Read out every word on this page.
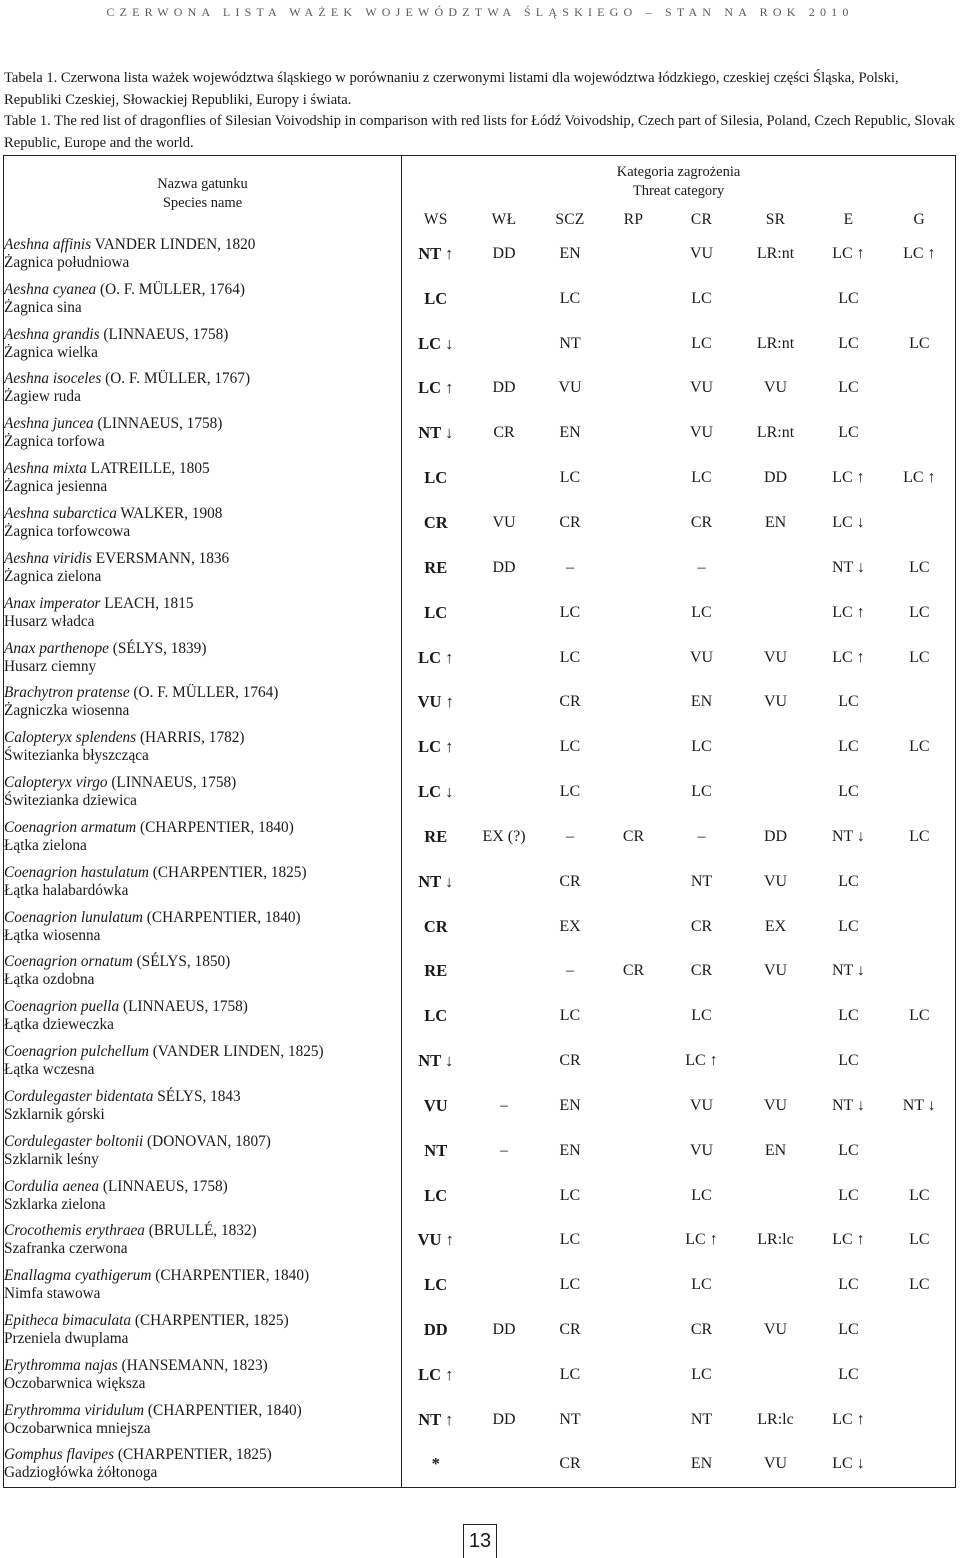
CZERWONA LISTA WAŻEK WOJEWÓDZTWA ŚLĄSKIEGO – STAN NA ROK 2010

Tabela 1. Czerwona lista ważek województwa śląskiego w porównaniu z czerwonymi listami dla województwa łódzkiego, czeskiej części Śląska, Polski, Republiki Czeskiej, Słowackiej Republiki, Europy i świata.

Table 1. The red list of dragonflies of Silesian Voivodship in comparison with red lists for Łódź Voivodship, Czech part of Silesia, Poland, Czech Republic, Slovak Republic, Europe and the world.

Nazwa gatunku
Species name	Kategoria zagrożenia
Threat category							

	WS	WŁ	SCZ	RP	CR	SR	E	G

Aeshna affinis VANDER LINDEN, 1820
Żagnica południowa	NT ↑	DD	EN		VU	LR:nt	LC ↑	LC ↑

Aeshna cyanea (O. F. MÜLLER, 1764)
Żagnica sina	LC		LC		LC		LC	

Aeshna grandis (LINNAEUS, 1758)
Żagnica wielka	LC ↓		NT		LC	LR:nt	LC	LC

Aeshna isoceles (O. F. MÜLLER, 1767)
Żagiew ruda	LC ↑	DD	VU		VU	VU	LC	

Aeshna juncea (LINNAEUS, 1758)
Żagnica torfowa	NT ↓	CR	EN		VU	LR:nt	LC	

Aeshna mixta LATREILLE, 1805
Żagnica jesienna	LC		LC		LC	DD	LC ↑	LC ↑

Aeshna subarctica WALKER, 1908
Żagnica torfowcowa	CR	VU	CR		CR	EN	LC ↓	

Aeshna viridis EVERSMANN, 1836
Żagnica zielona	RE	DD	–		–		NT ↓	LC

Anax imperator LEACH, 1815
Husarz władca	LC		LC		LC		LC ↑	LC

Anax parthenope (SÉLYS, 1839)
Husarz ciemny	LC ↑		LC		VU	VU	LC ↑	LC

Brachytron pratense (O. F. MÜLLER, 1764)
Żagniczka wiosenna	VU ↑		CR		EN	VU	LC	

Calopteryx splendens (HARRIS, 1782)
Świtezianka błyszcząca	LC ↑		LC		LC		LC	LC

Calopteryx virgo (LINNAEUS, 1758)
Świtezianka dziewica	LC ↓		LC		LC		LC	

Coenagrion armatum (CHARPENTIER, 1840)
Łątka zielona	RE	EX (?)	–	CR	–	DD	NT ↓	LC

Coenagrion hastulatum (CHARPENTIER, 1825)
Łątka halabardówka	NT ↓		CR		NT	VU	LC	

Coenagrion lunulatum (CHARPENTIER, 1840)
Łątka wiosenna	CR		EX		CR	EX	LC	

Coenagrion ornatum (SÉLYS, 1850)
Łątka ozdobna	RE		–	CR	CR	VU	NT ↓	

Coenagrion puella (LINNAEUS, 1758)
Łątka dzieweczka	LC		LC		LC		LC	LC

Coenagrion pulchellum (VANDER LINDEN, 1825)
Łątka wczesna	NT ↓		CR		LC ↑		LC	

Cordulegaster bidentata SÉLYS, 1843
Szklarnik górski	VU	–	EN		VU	VU	NT ↓	NT ↓

Cordulegaster boltonii (DONOVAN, 1807)
Szklarnik leśny	NT	–	EN		VU	EN	LC	

Cordulia aenea (LINNAEUS, 1758)
Szklarka zielona	LC		LC		LC		LC	LC

Crocothemis erythraea (BRULLÉ, 1832)
Szafranka czerwona	VU ↑		LC		LC ↑	LR:lc	LC ↑	LC

Enallagma cyathigerum (CHARPENTIER, 1840)
Nimfa stawowa	LC		LC		LC		LC	LC

Epitheca bimaculata (CHARPENTIER, 1825)
Przeniela dwuplama	DD	DD	CR		CR	VU	LC	

Erythromma najas (HANSEMANN, 1823)
Oczobarwnica większa	LC ↑		LC		LC		LC	

Erythromma viridulum (CHARPENTIER, 1840)
Oczobarwnica mniejsza	NT ↑	DD	NT		NT	LR:lc	LC ↑	

Gomphus flavipes (CHARPENTIER, 1825)
Gadziogłówka żółtonoga	*		CR		EN	VU	LC ↓	
13
